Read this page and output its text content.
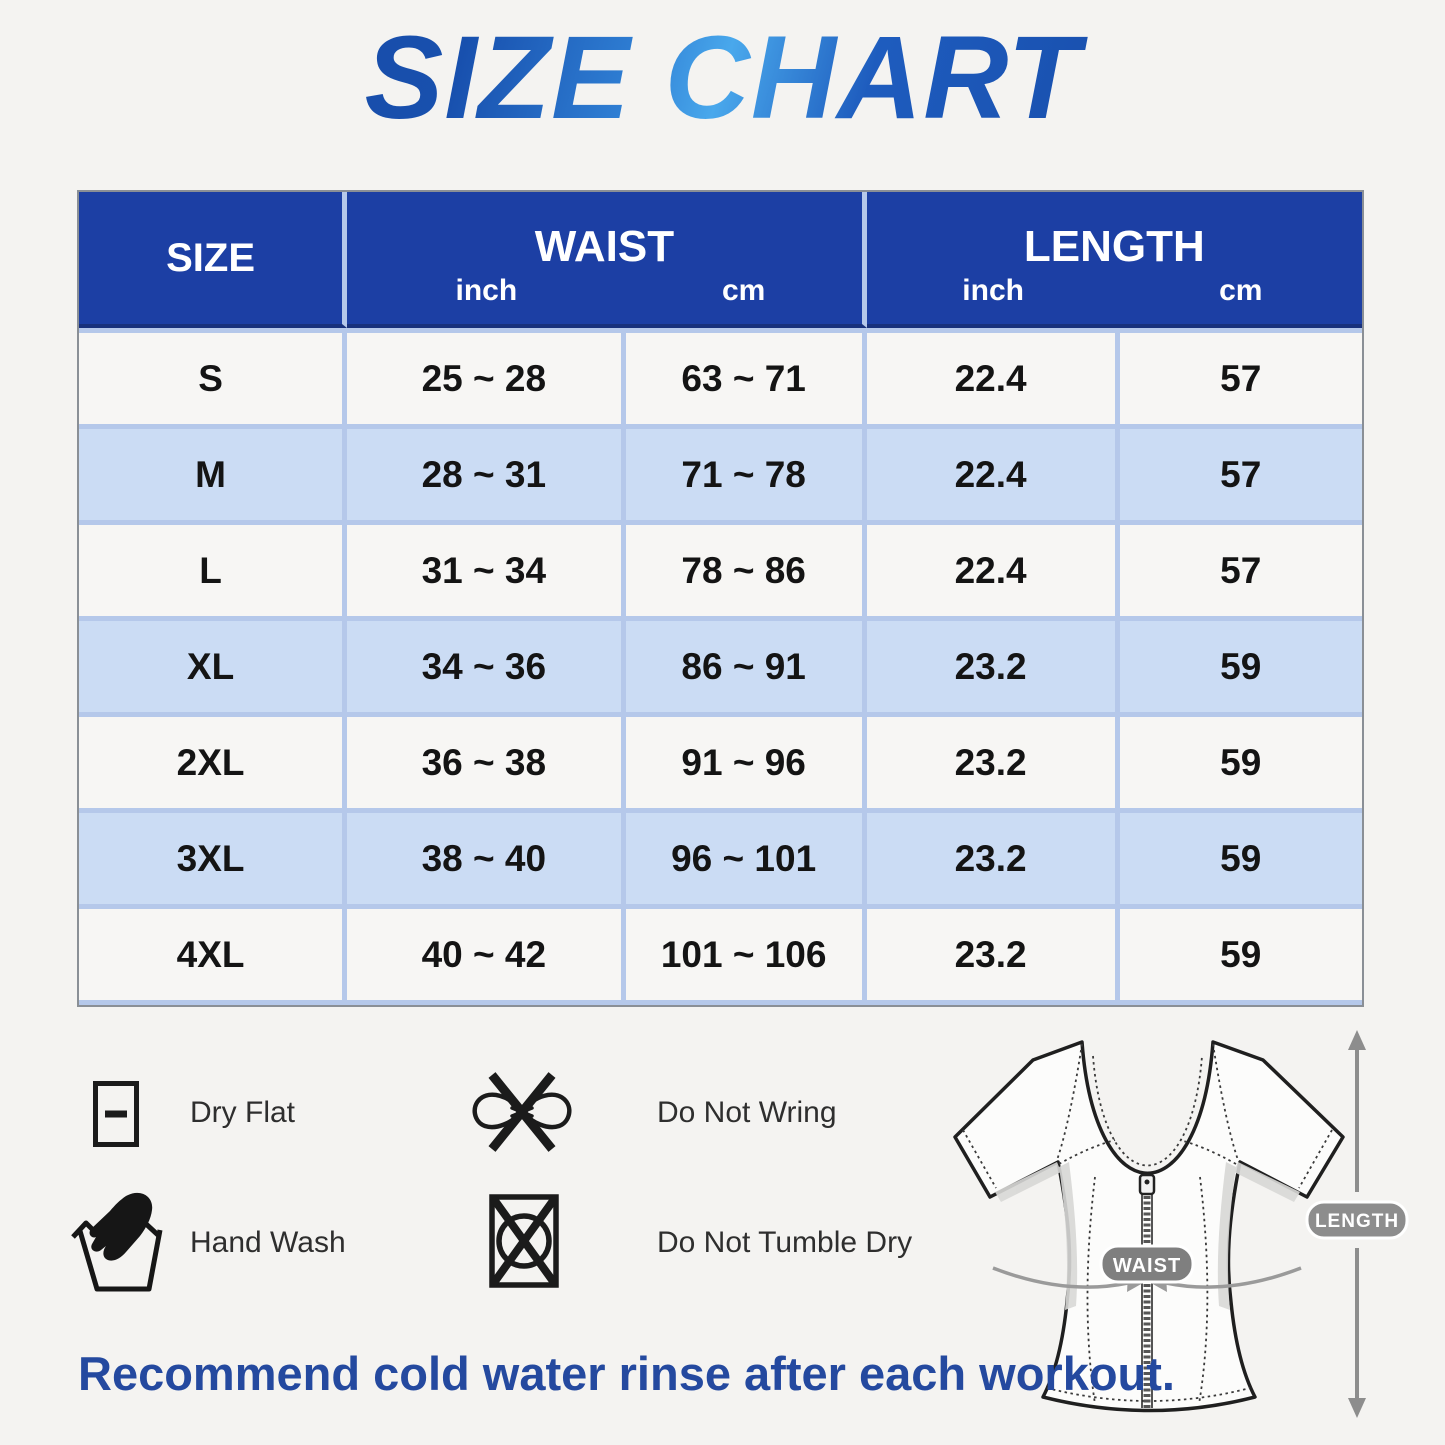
SIZE CHART
SIZE	WAIST		LENGTH	
	inch	cm	inch	cm
S	25 ~ 28	63 ~ 71	22.4	57
M	28 ~ 31	71 ~ 78	22.4	57
L	31 ~ 34	78 ~ 86	22.4	57
XL	34 ~ 36	86 ~ 91	23.2	59
2XL	36 ~ 38	91 ~ 96	23.2	59
3XL	38 ~ 40	96 ~ 101	23.2	59
4XL	40 ~ 42	101 ~ 106	23.2	59
Dry Flat	Do Not Wring
Hand Wash	Do Not Tumble Dry
WAIST
LENGTH
Recommend cold water rinse after each workout.
